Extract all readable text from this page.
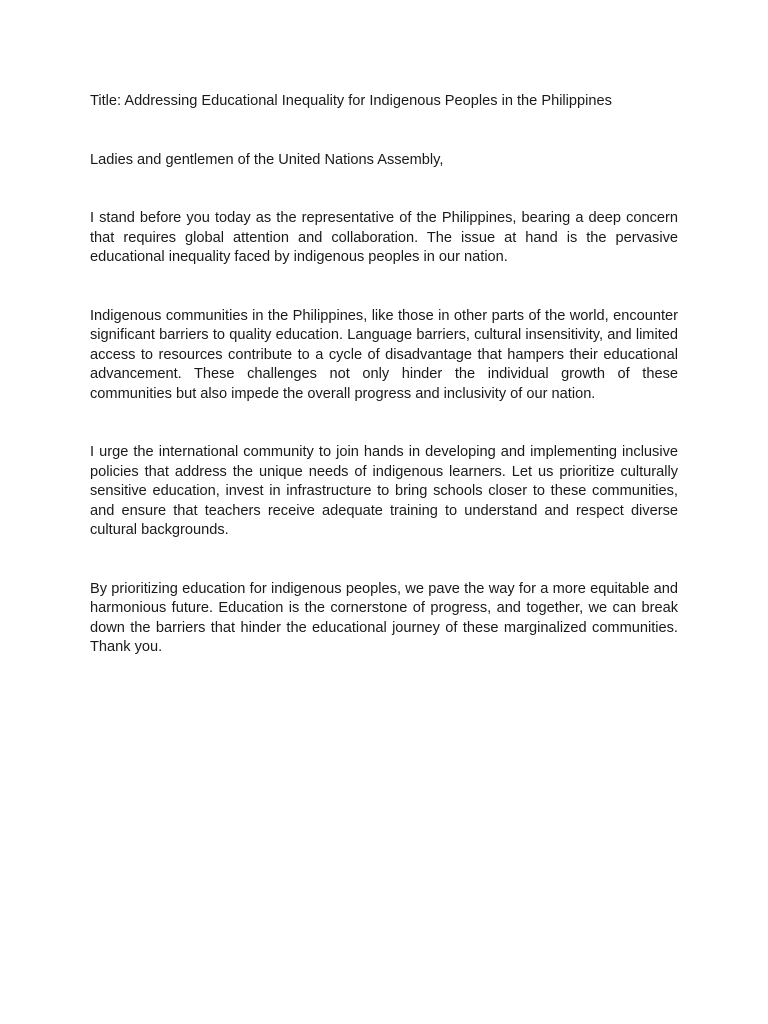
Title: Addressing Educational Inequality for Indigenous Peoples in the Philippines

Ladies and gentlemen of the United Nations Assembly,

I stand before you today as the representative of the Philippines, bearing a deep concern that requires global attention and collaboration. The issue at hand is the pervasive educational inequality faced by indigenous peoples in our nation.

Indigenous communities in the Philippines, like those in other parts of the world, encounter significant barriers to quality education. Language barriers, cultural insensitivity, and limited access to resources contribute to a cycle of disadvantage that hampers their educational advancement. These challenges not only hinder the individual growth of these communities but also impede the overall progress and inclusivity of our nation.

I urge the international community to join hands in developing and implementing inclusive policies that address the unique needs of indigenous learners. Let us prioritize culturally sensitive education, invest in infrastructure to bring schools closer to these communities, and ensure that teachers receive adequate training to understand and respect diverse cultural backgrounds.

By prioritizing education for indigenous peoples, we pave the way for a more equitable and harmonious future. Education is the cornerstone of progress, and together, we can break down the barriers that hinder the educational journey of these marginalized communities. Thank you.
